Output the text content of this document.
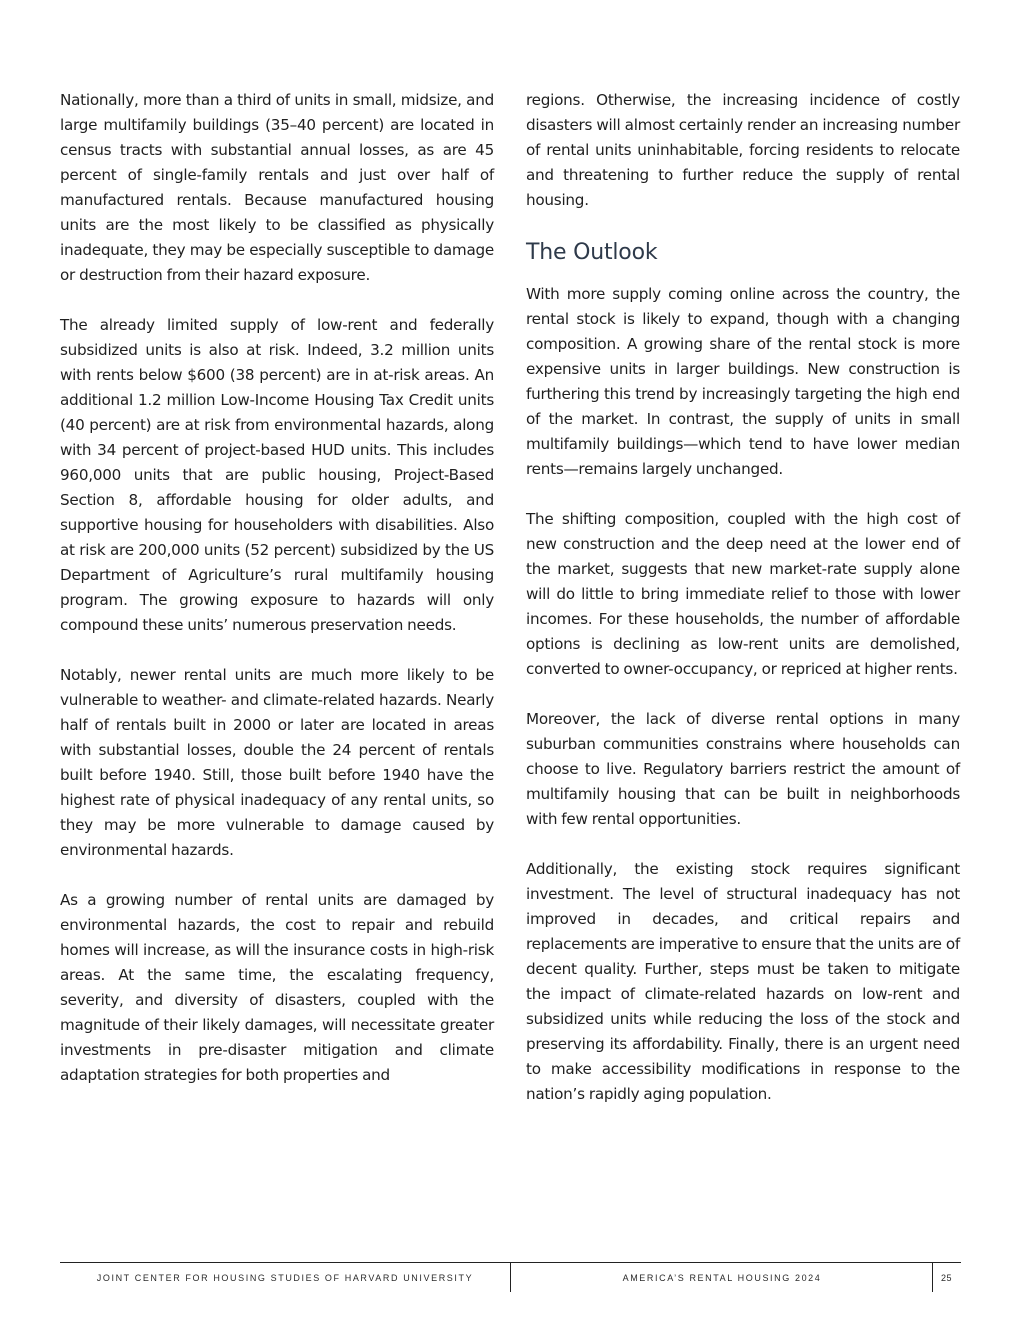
Nationally, more than a third of units in small, midsize, and large multifamily buildings (35–40 percent) are located in census tracts with substantial annual losses, as are 45 percent of single-family rentals and just over half of manufactured rentals. Because manufactured housing units are the most likely to be classified as physically inadequate, they may be especially susceptible to damage or destruction from their hazard exposure.

The already limited supply of low-rent and federally subsidized units is also at risk. Indeed, 3.2 million units with rents below $600 (38 percent) are in at-risk areas. An additional 1.2 million Low-Income Housing Tax Credit units (40 percent) are at risk from environmental hazards, along with 34 percent of project-based HUD units. This includes 960,000 units that are public housing, Project-Based Section 8, affordable housing for older adults, and supportive housing for householders with disabilities. Also at risk are 200,000 units (52 percent) subsidized by the US Department of Agriculture’s rural multifamily housing program. The growing exposure to hazards will only compound these units’ numerous preservation needs.

Notably, newer rental units are much more likely to be vulnerable to weather- and climate-related hazards. Nearly half of rentals built in 2000 or later are located in areas with substantial losses, double the 24 percent of rentals built before 1940. Still, those built before 1940 have the highest rate of physical inadequacy of any rental units, so they may be more vulnerable to damage caused by environmental hazards.

As a growing number of rental units are damaged by environmental hazards, the cost to repair and rebuild homes will increase, as will the insurance costs in high-risk areas. At the same time, the escalating frequency, severity, and diversity of disasters, coupled with the magnitude of their likely damages, will necessitate greater investments in pre-disaster mitigation and climate adaptation strategies for both properties and

regions. Otherwise, the increasing incidence of costly disasters will almost certainly render an increasing number of rental units uninhabitable, forcing residents to relocate and threatening to further reduce the supply of rental housing.

The Outlook

With more supply coming online across the country, the rental stock is likely to expand, though with a changing composition. A growing share of the rental stock is more expensive units in larger buildings. New construction is furthering this trend by increasingly targeting the high end of the market. In contrast, the supply of units in small multifamily buildings—which tend to have lower median rents—remains largely unchanged.

The shifting composition, coupled with the high cost of new construction and the deep need at the lower end of the market, suggests that new market-rate supply alone will do little to bring immediate relief to those with lower incomes. For these households, the number of affordable options is declining as low-rent units are demolished, converted to owner-occupancy, or repriced at higher rents.

Moreover, the lack of diverse rental options in many suburban communities constrains where households can choose to live. Regulatory barriers restrict the amount of multifamily housing that can be built in neighborhoods with few rental opportunities.

Additionally, the existing stock requires significant investment. The level of structural inadequacy has not improved in decades, and critical repairs and replacements are imperative to ensure that the units are of decent quality. Further, steps must be taken to mitigate the impact of climate-related hazards on low-rent and subsidized units while reducing the loss of the stock and preserving its affordability. Finally, there is an urgent need to make accessibility modifications in response to the nation’s rapidly aging population.

JOINT CENTER FOR HOUSING STUDIES OF HARVARD UNIVERSITY	AMERICA’S RENTAL HOUSING 2024	25
